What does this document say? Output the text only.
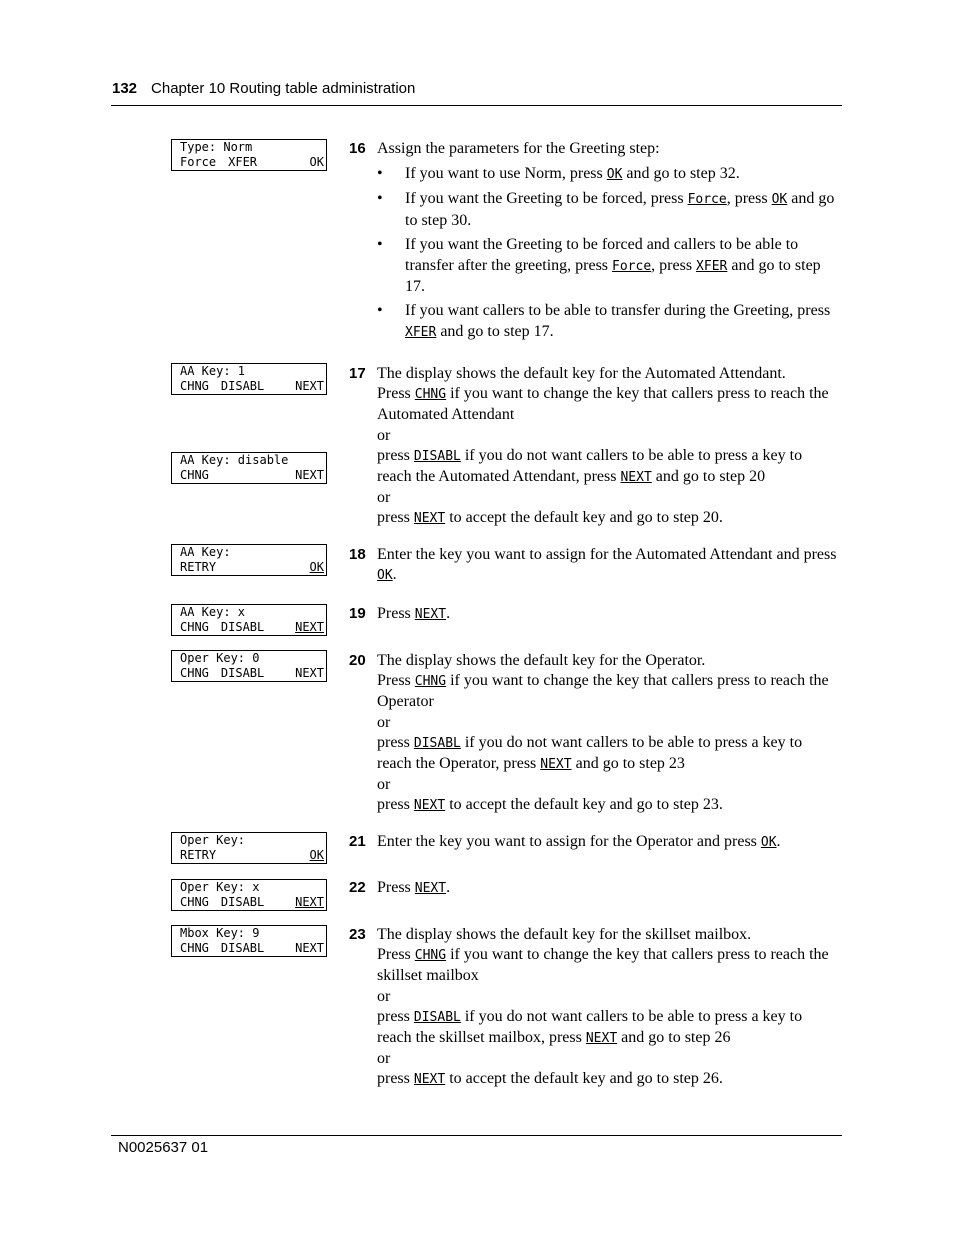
132 Chapter 10 Routing table administration
Type: Norm
Force XFER	OK
AA Key: 1
CHNG DISABL	NEXT
AA Key: disable
CHNG	NEXT
AA Key:
RETRY	OK
AA Key: x
CHNG DISABL	NEXT
Oper Key: 0
CHNG DISABL	NEXT
Oper Key:
RETRY	OK
Oper Key: x
CHNG DISABL	NEXT
Mbox Key: 9
CHNG DISABL	NEXT
16 Assign the parameters for the Greeting step:

• If you want to use Norm, press OK and go to step 32.
• If you want the Greeting to be forced, press Force, press OK and go to step 30.
• If you want the Greeting to be forced and callers to be able to transfer after the greeting, press Force, press XFER and go to step 17.
• If you want callers to be able to transfer during the Greeting, press XFER and go to step 17.
17 The display shows the default key for the Automated Attendant.

Press CHNG if you want to change the key that callers press to reach the Automated Attendant

or

press DISABL if you do not want callers to be able to press a key to reach the Automated Attendant, press NEXT and go to step 20

or

press NEXT to accept the default key and go to step 20.

18 Enter the key you want to assign for the Automated Attendant and press OK.

19 Press NEXT.

20 The display shows the default key for the Operator.

Press CHNG if you want to change the key that callers press to reach the Operator

or

press DISABL if you do not want callers to be able to press a key to reach the Operator, press NEXT and go to step 23

or

press NEXT to accept the default key and go to step 23.

21 Enter the key you want to assign for the Operator and press OK.

22 Press NEXT.

23 The display shows the default key for the skillset mailbox.

Press CHNG if you want to change the key that callers press to reach the skillset mailbox

or

press DISABL if you do not want callers to be able to press a key to reach the skillset mailbox, press NEXT and go to step 26

or

press NEXT to accept the default key and go to step 26.

N0025637 01
